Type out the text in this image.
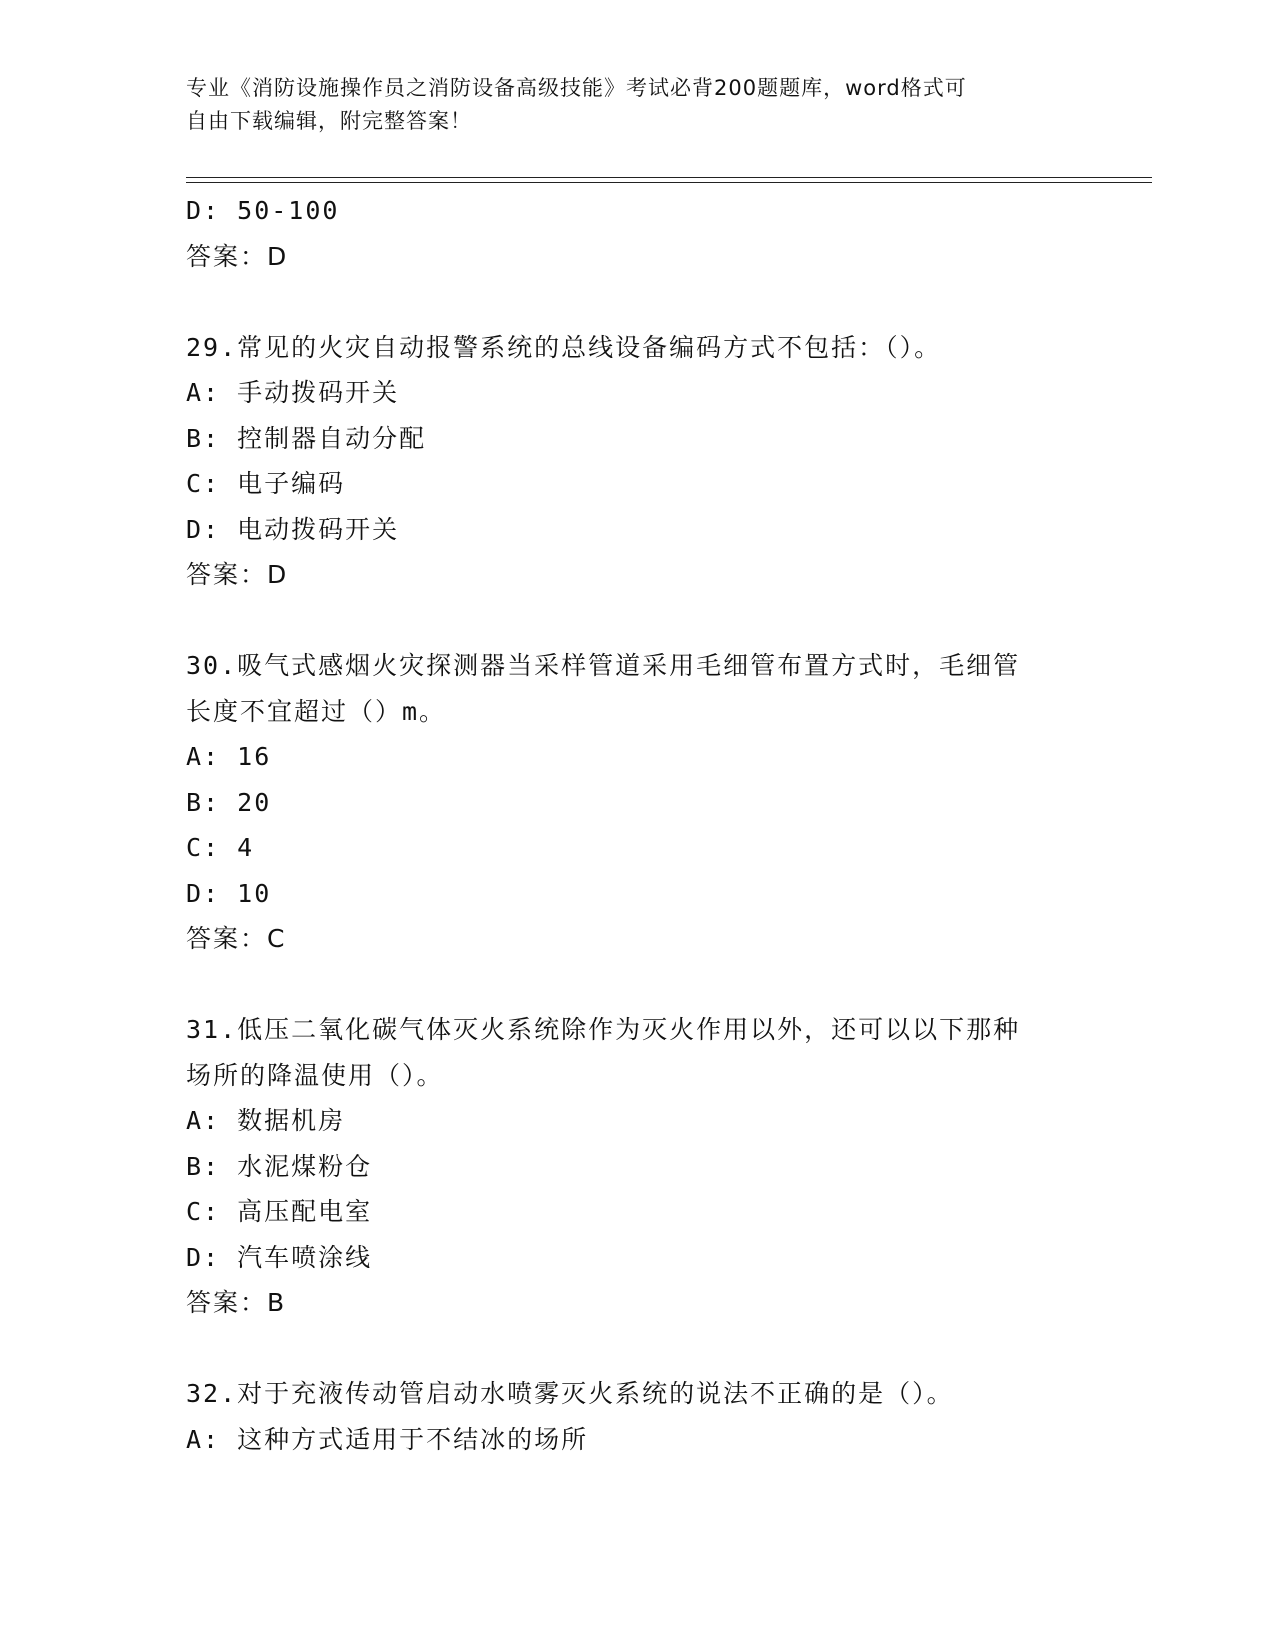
专业《消防设施操作员之消防设备高级技能》考试必背200题题库，word格式可
自由下载编辑，附完整答案！
D: 50-100
答案：D
29.常见的火灾自动报警系统的总线设备编码方式不包括：（）。
A: 手动拨码开关
B: 控制器自动分配
C: 电子编码
D: 电动拨码开关
答案：D
30.吸气式感烟火灾探测器当采样管道采用毛细管布置方式时，毛细管
长度不宜超过（）m。
A: 16
B: 20
C: 4
D: 10
答案：C
31.低压二氧化碳气体灭火系统除作为灭火作用以外，还可以以下那种
场所的降温使用（）。
A: 数据机房
B: 水泥煤粉仓
C: 高压配电室
D: 汽车喷涂线
答案：B
32.对于充液传动管启动水喷雾灭火系统的说法不正确的是（）。
A: 这种方式适用于不结冰的场所
